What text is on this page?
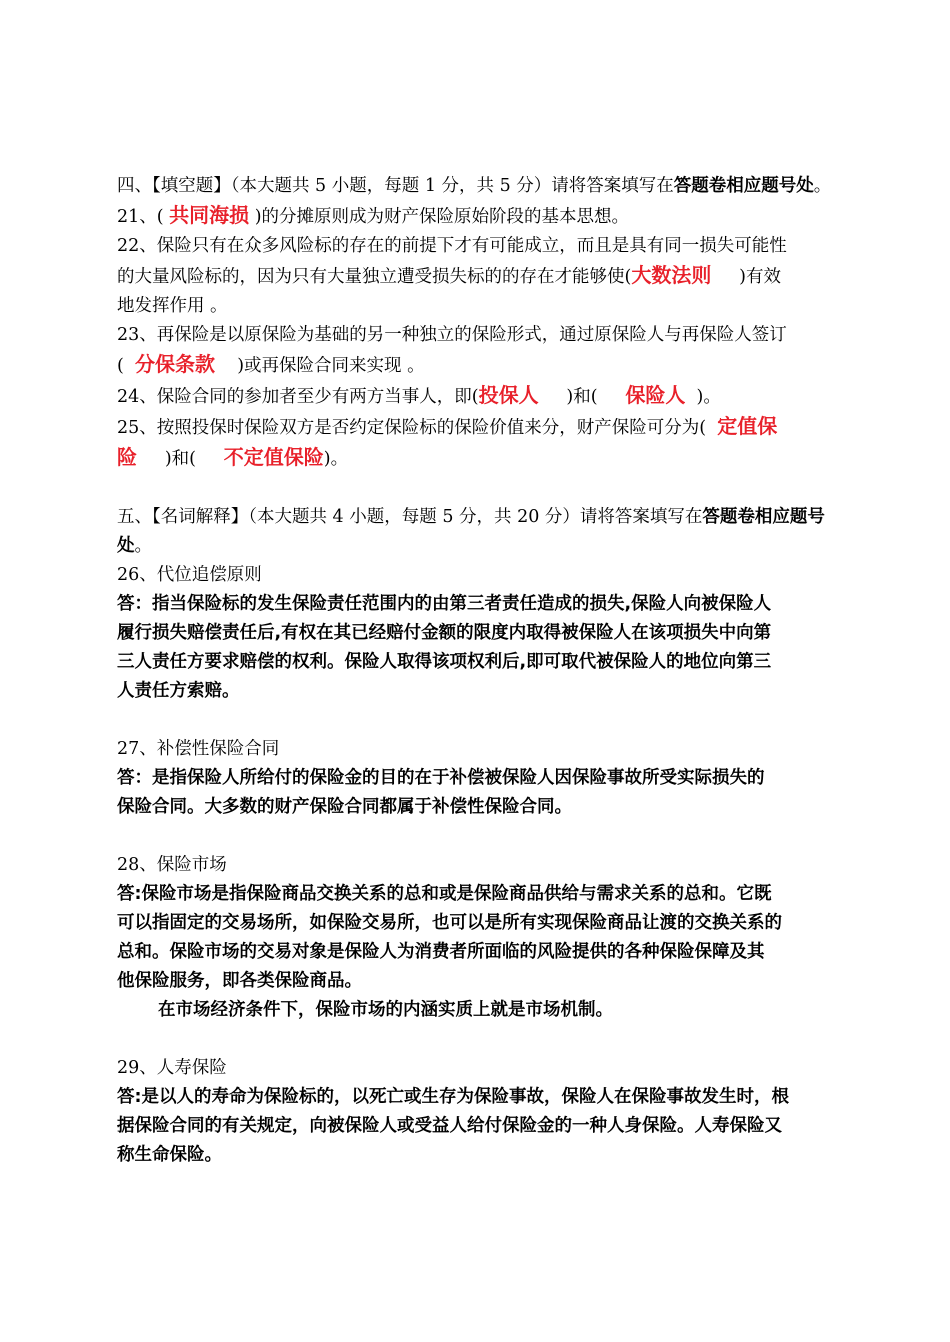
四、【填空题】（本大题共 5 小题，每题 1 分，共 5 分）请将答案填写在答题卷相应题号处。
21、( 共同海损 )的分摊原则成为财产保险原始阶段的基本思想。
22、保险只有在众多风险标的存在的前提下才有可能成立，而且是具有同一损失可能性
的大量风险标的，因为只有大量独立遭受损失标的的存在才能够使(大数法则     )有效
地发挥作用 。
23、再保险是以原保险为基础的另一种独立的保险形式，通过原保险人与再保险人签订
(  分保条款    )或再保险合同来实现 。
24、保险合同的参加者至少有两方当事人，即(投保人     )和(     保险人  )。
25、按照投保时保险双方是否约定保险标的保险价值来分，财产保险可分为(  定值保
险     )和(     不定值保险)。
五、【名词解释】（本大题共 4 小题，每题 5 分，共 20 分）请将答案填写在答题卷相应题号
处。
26、代位追偿原则
答：指当保险标的发生保险责任范围内的由第三者责任造成的损失,保险人向被保险人
履行损失赔偿责任后,有权在其已经赔付金额的限度内取得被保险人在该项损失中向第
三人责任方要求赔偿的权利。保险人取得该项权利后,即可取代被保险人的地位向第三
人责任方索赔。
27、补偿性保险合同
答：是指保险人所给付的保险金的目的在于补偿被保险人因保险事故所受实际损失的
保险合同。大多数的财产保险合同都属于补偿性保险合同。
28、保险市场
答:保险市场是指保险商品交换关系的总和或是保险商品供给与需求关系的总和。它既
可以指固定的交易场所，如保险交易所，也可以是所有实现保险商品让渡的交换关系的
总和。保险市场的交易对象是保险人为消费者所面临的风险提供的各种保险保障及其
他保险服务，即各类保险商品。
在市场经济条件下，保险市场的内涵实质上就是市场机制。
29、人寿保险
答:是以人的寿命为保险标的，以死亡或生存为保险事故，保险人在保险事故发生时，根
据保险合同的有关规定，向被保险人或受益人给付保险金的一种人身保险。人寿保险又
称生命保险。
